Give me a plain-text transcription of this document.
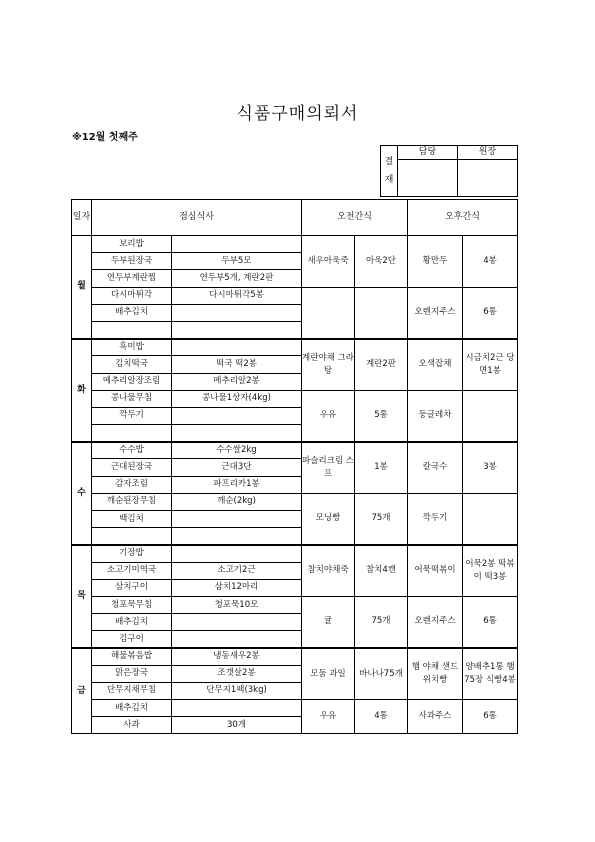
식품구매의뢰서
※12월 첫째주
결 재	담당	원장

일자	점심식사		오전간식		오후간식	
월	보리밥		새우아욱죽	아욱2단	황만두	4봉
	두부된장국	두부5모				
	연두부계란찜	연두부5개, 계란2판				
	다시마튀각	다시마튀각5봉			오렌지주스	6통
	배추김치					

화	흑미밥		계란야채 그라탕	계란2판	오색잡채	시금치2근 당면1봉
	김치떡국	떡국 떡2봉				
	메추리알장조림	메추리알2봉				
	콩나물무침	콩나물1상자(4kg)	우유	5통	둥글레차	
	깍두기					

수	수수밥	수수쌀2kg	파슬리크림 스프	1봉	칼국수	3봉
	근대된장국	근대3단				
	감자조림	파프리카1봉				
	깨순된장무침	깨순(2kg)	모닝빵	75개	깍두기	
	백김치					

목	기장밥		참치야채죽	참치4캔	어묵떡볶이	어묵2봉 떡볶이 떡3봉
	소고기미역국	소고기2근				
	삼치구이	삼치12마리				
	청포묵무침	청포묵10모	귤	75개	오렌지주스	6통
	배추김치					
	김구이					
금	해물볶음밥	냉동새우2봉	모둠 과일	바나나75개	햄 야채 샌드위치빵	양배추1통 햄75장 식빵4봉
	맑은장국	조갯살2봉				
	단무지채무침	단무지1팩(3kg)				
	배추김치		우유	4통	사과주스	6통
	사과	30개				
